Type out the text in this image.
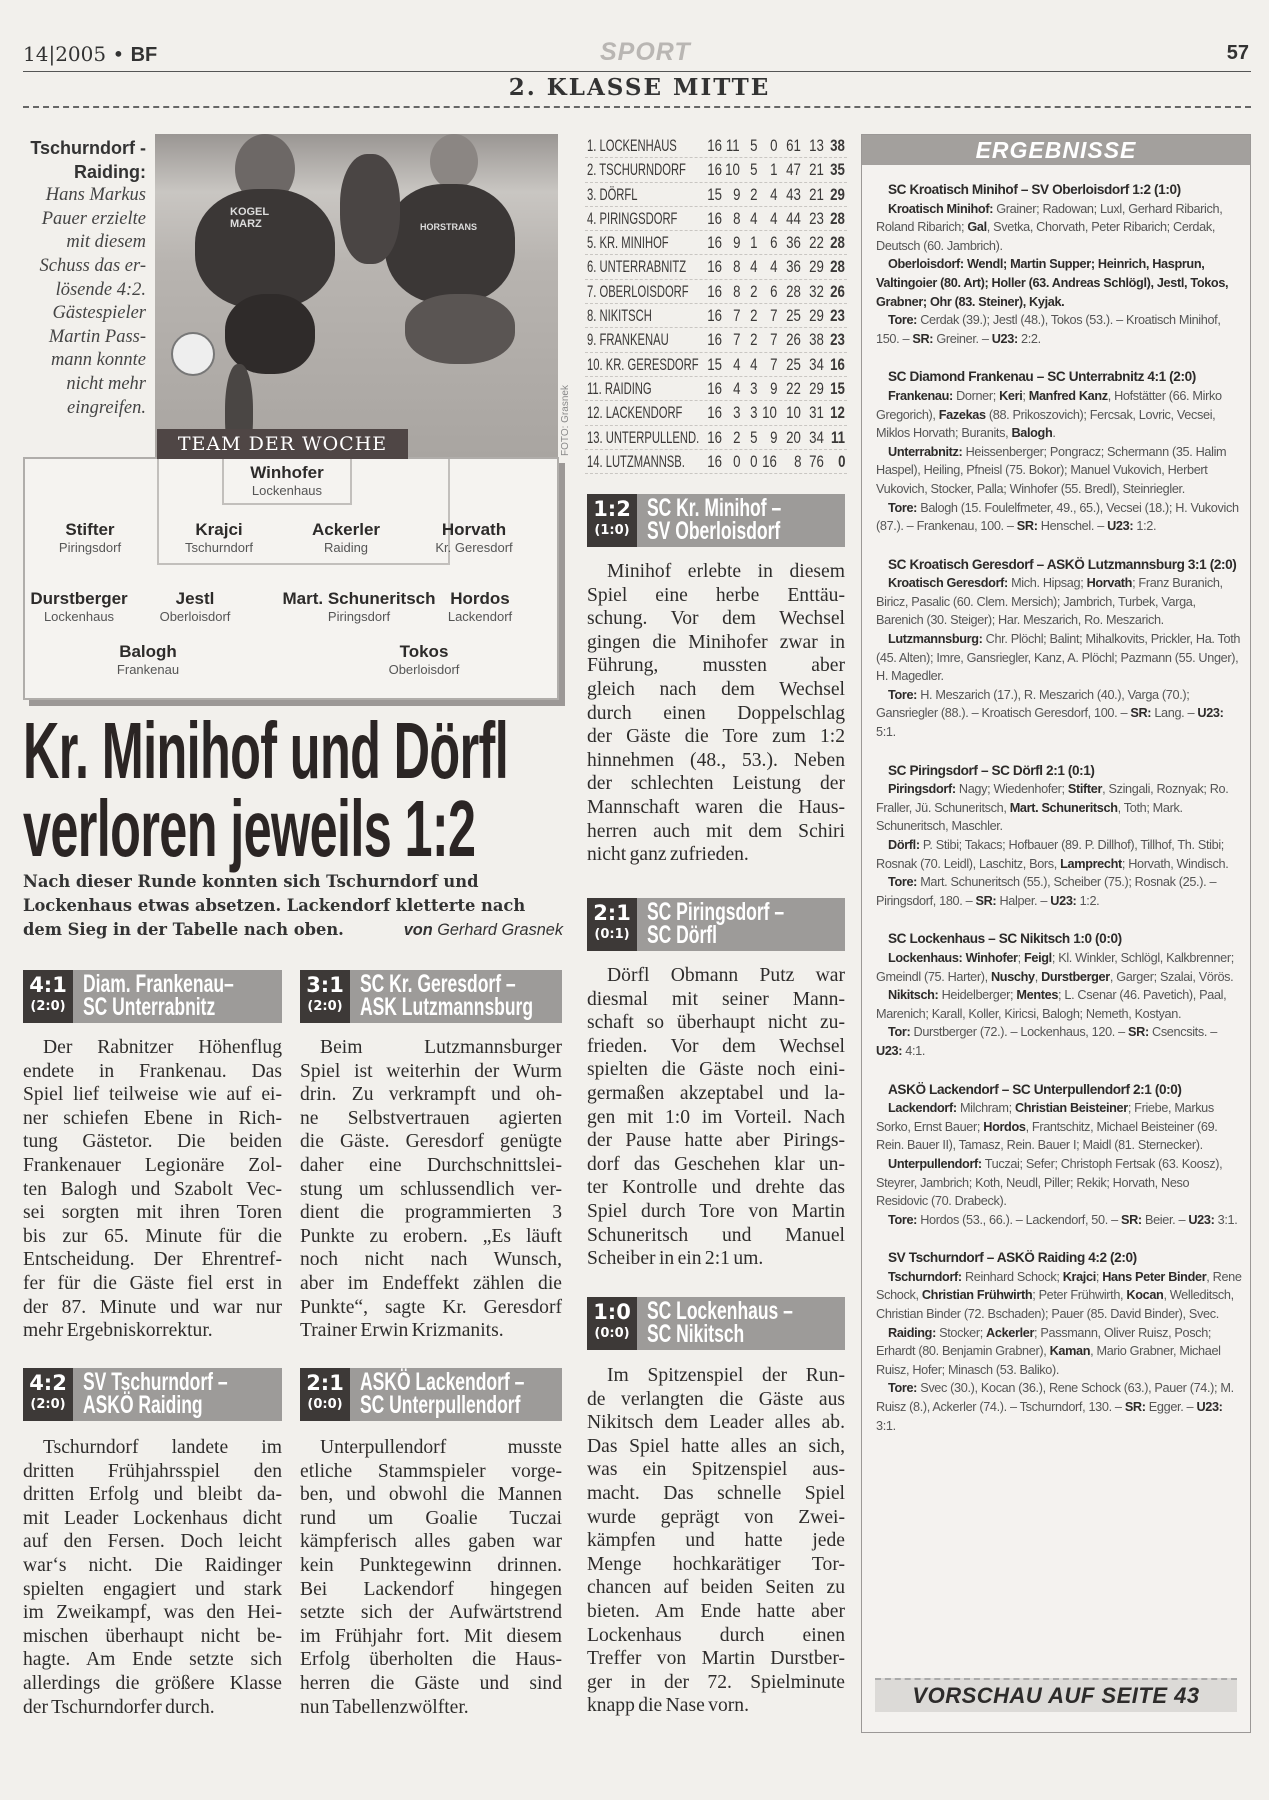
14|2005 • BF	SPORT	57
2. KLASSE MITTE
Tschurndorf -
Raiding:
Hans Markus
Pauer erzielte
mit diesem
Schuss das er-
lösende 4:2.
Gästespieler
Martin Pass-
mann konnte
nicht mehr
eingreifen.
KOGEL
MARZ	HORSTRANS
FOTO: Grasnek
TEAM DER WOCHE
Winhofer
Lockenhaus
Stifter
Piringsdorf
Krajci
Tschurndorf
Ackerler
Raiding
Horvath
Kr. Geresdorf
Durstberger
Lockenhaus
Jestl
Oberloisdorf
Mart. Schuneritsch
Piringsdorf
Hordos
Lackendorf
Balogh
Frankenau
Tokos
Oberloisdorf
Kr. Minihof und Dörfl
verloren jeweils 1:2
Nach dieser Runde konnten sich Tschurndorf und
Lockenhaus etwas absetzen. Lackendorf kletterte nach
dem Sieg in der Tabelle nach oben.	von Gerhard Grasnek
1. LOCKENHAUS 16 11 5 0 61 13 38
2. TSCHURNDORF 16 10 5 1 47 21 35
3. DÖRFL	15 9 2 4 43 21 29
4. PIRINGSDORF 16 8 4 4 44 23 28
5. KR. MINIHOF 16 9 1 6 36 22 28
6. UNTERRABNITZ 16 8 4 4 36 29 28
7. OBERLOISDORF 16 8 2 6 28 32 26
8. NIKITSCH	16 7 2 7 25 29 23
9. FRANKENAU 16 7 2 7 26 38 23
10. KR. GERESDORF 15 4 4 7 25 34 16
11. RAIDING	16 4 3 9 22 29 15
12. LACKENDORF 16 3 3 10 10 31 12
13. UNTERPULLEND. 16 2 5 9 20 34 11
14. LUTZMANNSB. 16 0 0 16 8 76 0
4:1
(2:0)
Diam. Frankenau–
SC Unterrabnitz
Der Rabnitzer Höhenflug
endete in Frankenau. Das
Spiel lief teilweise wie auf ei-
ner schiefen Ebene in Rich-
tung Gästetor. Die beiden
Frankenauer Legionäre Zol-
ten Balogh und Szabolt Vec-
sei sorgten mit ihren Toren
bis zur 65. Minute für die
Entscheidung. Der Ehrentref-
fer für die Gäste fiel erst in
der 87. Minute und war nur
mehr Ergebniskorrektur.
3:1
(2:0)
SC Kr. Geresdorf –
ASK Lutzmannsburg
Beim Lutzmannsburger
Spiel ist weiterhin der Wurm
drin. Zu verkrampft und oh-
ne Selbstvertrauen agierten
die Gäste. Geresdorf genügte
daher eine Durchschnittslei-
stung um schlussendlich ver-
dient die programmierten 3
Punkte zu erobern. „Es läuft
noch nicht nach Wunsch,
aber im Endeffekt zählen die
Punkte“, sagte Kr. Geresdorf
Trainer Erwin Krizmanits.
4:2
(2:0)
SV Tschurndorf –
ASKÖ Raiding
Tschurndorf landete im
dritten Frühjahrsspiel den
dritten Erfolg und bleibt da-
mit Leader Lockenhaus dicht
auf den Fersen. Doch leicht
war‘s nicht. Die Raidinger
spielten engagiert und stark
im Zweikampf, was den Hei-
mischen überhaupt nicht be-
hagte. Am Ende setzte sich
allerdings die größere Klasse
der Tschurndorfer durch.
2:1
(0:0)
ASKÖ Lackendorf –
SC Unterpullendorf
Unterpullendorf musste
etliche Stammspieler vorge-
ben, und obwohl die Mannen
rund um Goalie Tuczai
kämpferisch alles gaben war
kein Punktegewinn drinnen.
Bei Lackendorf hingegen
setzte sich der Aufwärtstrend
im Frühjahr fort. Mit diesem
Erfolg überholten die Haus-
herren die Gäste und sind
nun Tabellenzwölfter.
1:2
(1:0)
SC Kr. Minihof –
SV Oberloisdorf
Minihof erlebte in diesem
Spiel eine herbe Enttäu-
schung. Vor dem Wechsel
gingen die Minihofer zwar in
Führung, mussten aber
gleich nach dem Wechsel
durch einen Doppelschlag
der Gäste die Tore zum 1:2
hinnehmen (48., 53.). Neben
der schlechten Leistung der
Mannschaft waren die Haus-
herren auch mit dem Schiri
nicht ganz zufrieden.
2:1
(0:1)
SC Piringsdorf –
SC Dörfl
Dörfl Obmann Putz war
diesmal mit seiner Mann-
schaft so überhaupt nicht zu-
frieden. Vor dem Wechsel
spielten die Gäste noch eini-
germaßen akzeptabel und la-
gen mit 1:0 im Vorteil. Nach
der Pause hatte aber Pirings-
dorf das Geschehen klar un-
ter Kontrolle und drehte das
Spiel durch Tore von Martin
Schuneritsch und Manuel
Scheiber in ein 2:1 um.
1:0
(0:0)
SC Lockenhaus –
SC Nikitsch
Im Spitzenspiel der Run-
de verlangten die Gäste aus
Nikitsch dem Leader alles ab.
Das Spiel hatte alles an sich,
was ein Spitzenspiel aus-
macht. Das schnelle Spiel
wurde geprägt von Zwei-
kämpfen und hatte jede
Menge hochkarätiger Tor-
chancen auf beiden Seiten zu
bieten. Am Ende hatte aber
Lockenhaus durch einen
Treffer von Martin Durstber-
ger in der 72. Spielminute
knapp die Nase vorn.
ERGEBNISSE
SC Kroatisch Minihof – SV Oberloisdorf 1:2 (1:0)

Kroatisch Minihof: Grainer; Radowan; Luxl, Gerhard Ribarich, Roland Ribarich; Gal, Svetka, Chorvath, Peter Ribarich; Cerdak, Deutsch (60. Jambrich).

Oberloisdorf: Wendl; Martin Supper; Heinrich, Hasprun, Valtingoier (80. Art); Holler (63. Andreas Schlögl), Jestl, Tokos, Grabner; Ohr (83. Steiner), Kyjak.

Tore: Cerdak (39.); Jestl (48.), Tokos (53.). – Kroatisch Minihof, 150. – SR: Greiner. – U23: 2:2.

SC Diamond Frankenau – SC Unterrabnitz 4:1 (2:0)

Frankenau: Dorner; Keri; Manfred Kanz, Hofstätter (66. Mirko Gregorich), Fazekas (88. Prikoszovich); Fercsak, Lovric, Vecsei, Miklos Horvath; Buranits, Balogh.

Unterrabnitz: Heissenberger; Pongracz; Schermann (35. Halim Haspel), Heiling, Pfneisl (75. Bokor); Manuel Vukovich, Herbert Vukovich, Stocker, Palla; Winhofer (55. Bredl), Steinriegler.

Tore: Balogh (15. Foulelfmeter, 49., 65.), Vecsei (18.); H. Vukovich (87.). – Frankenau, 100. – SR: Henschel. – U23: 1:2.

SC Kroatisch Geresdorf – ASKÖ Lutzmannsburg 3:1 (2:0)

Kroatisch Geresdorf: Mich. Hipsag; Horvath; Franz Buranich, Biricz, Pasalic (60. Clem. Mersich); Jambrich, Turbek, Varga, Barenich (30. Steiger); Har. Meszarich, Ro. Meszarich.

Lutzmannsburg: Chr. Plöchl; Balint; Mihalkovits, Prickler, Ha. Toth (45. Alten); Imre, Gansriegler, Kanz, A. Plöchl; Pazmann (55. Unger), H. Magedler.

Tore: H. Meszarich (17.), R. Meszarich (40.), Varga (70.); Gansriegler (88.). – Kroatisch Geresdorf, 100. – SR: Lang. – U23: 5:1.

SC Piringsdorf – SC Dörfl 2:1 (0:1)

Piringsdorf: Nagy; Wiedenhofer; Stifter, Szingali, Roznyak; Ro. Fraller, Jü. Schuneritsch, Mart. Schuneritsch, Toth; Mark. Schuneritsch, Maschler.

Dörfl: P. Stibi; Takacs; Hofbauer (89. P. Dillhof), Tillhof, Th. Stibi; Rosnak (70. Leidl), Laschitz, Bors, Lamprecht; Horvath, Windisch.

Tore: Mart. Schuneritsch (55.), Scheiber (75.); Rosnak (25.). – Piringsdorf, 180. – SR: Halper. – U23: 1:2.

SC Lockenhaus – SC Nikitsch 1:0 (0:0)

Lockenhaus: Winhofer; Feigl; Kl. Winkler, Schlögl, Kalkbrenner; Gmeindl (75. Harter), Nuschy, Durstberger, Garger; Szalai, Vörös.

Nikitsch: Heidelberger; Mentes; L. Csenar (46. Pavetich), Paal, Marenich; Karall, Koller, Kiricsi, Balogh; Nemeth, Kostyan.

Tor: Durstberger (72.). – Lockenhaus, 120. – SR: Csencsits. – U23: 4:1.

ASKÖ Lackendorf – SC Unterpullendorf 2:1 (0:0)

Lackendorf: Milchram; Christian Beisteiner; Friebe, Markus Sorko, Ernst Bauer; Hordos, Frantschitz, Michael Beisteiner (69. Rein. Bauer II), Tamasz, Rein. Bauer I; Maidl (81. Sternecker).

Unterpullendorf: Tuczai; Sefer; Christoph Fertsak (63. Koosz), Steyrer, Jambrich; Koth, Neudl, Piller; Rekik; Horvath, Neso Residovic (70. Drabeck).

Tore: Hordos (53., 66.). – Lackendorf, 50. – SR: Beier. – U23: 3:1.

SV Tschurndorf – ASKÖ Raiding 4:2 (2:0)

Tschurndorf: Reinhard Schock; Krajci; Hans Peter Binder, Rene Schock, Christian Frühwirth; Peter Frühwirth, Kocan, Welleditsch, Christian Binder (72. Bschaden); Pauer (85. David Binder), Svec.

Raiding: Stocker; Ackerler; Passmann, Oliver Ruisz, Posch; Erhardt (80. Benjamin Grabner), Kaman, Mario Grabner, Michael Ruisz, Hofer; Minasch (53. Baliko).

Tore: Svec (30.), Kocan (36.), Rene Schock (63.), Pauer (74.); M. Ruisz (8.), Ackerler (74.). – Tschurndorf, 130. – SR: Egger. – U23: 3:1.

VORSCHAU AUF SEITE 43
